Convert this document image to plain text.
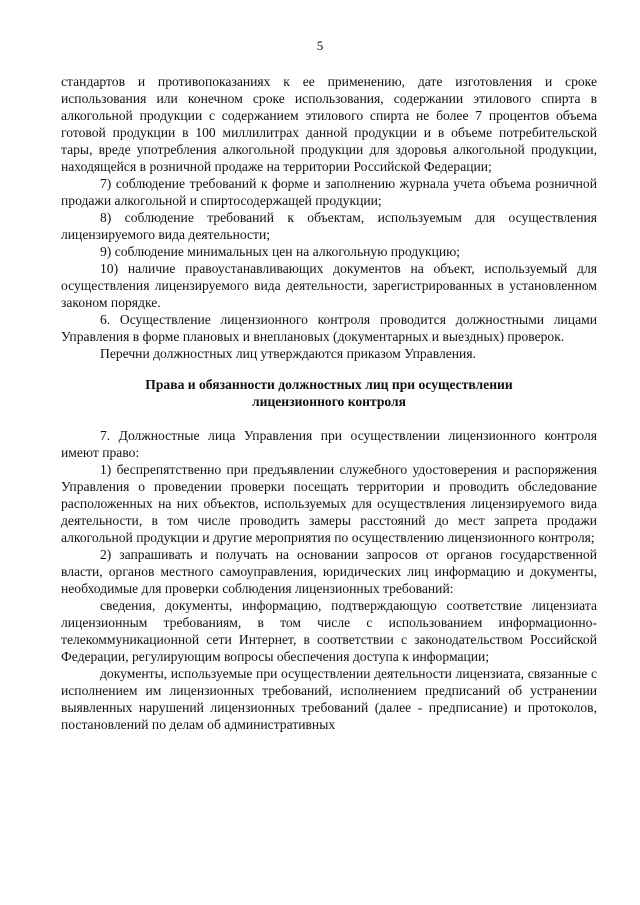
5

стандартов и противопоказаниях к ее применению, дате изготовления и сроке использования или конечном сроке использования, содержании этилового спирта в алкогольной продукции с содержанием этилового спирта не более 7 процентов объема готовой продукции в 100 миллилитрах данной продукции и в объеме потребительской тары, вреде употребления алкогольной продукции для здоровья алкогольной продукции, находящейся в розничной продаже на территории Российской Федерации;

7) соблюдение требований к форме и заполнению журнала учета объема розничной продажи алкогольной и спиртосодержащей продукции;

8) соблюдение требований к объектам, используемым для осуществления лицензируемого вида деятельности;

9) соблюдение минимальных цен на алкогольную продукцию;

10) наличие правоустанавливающих документов на объект, используемый для осуществления лицензируемого вида деятельности, зарегистрированных в установленном законом порядке.

6. Осуществление лицензионного контроля проводится должностными лицами Управления в форме плановых и внеплановых (документарных и выездных) проверок.

Перечни должностных лиц утверждаются приказом Управления.

Права и обязанности должностных лиц при осуществлении
лицензионного контроля

7. Должностные лица Управления при осуществлении лицензионного контроля имеют право:

1) беспрепятственно при предъявлении служебного удостоверения и распоряжения Управления о проведении проверки посещать территории и проводить обследование расположенных на них объектов, используемых для осуществления лицензируемого вида деятельности, в том числе проводить замеры расстояний до мест запрета продажи алкогольной продукции и другие мероприятия по осуществлению лицензионного контроля;

2) запрашивать и получать на основании запросов от органов государственной власти, органов местного самоуправления, юридических лиц информацию и документы, необходимые для проверки соблюдения лицензионных требований:

сведения, документы, информацию, подтверждающую соответствие лицензиата лицензионным требованиям, в том числе с использованием информационно-телекоммуникационной сети Интернет, в соответствии с законодательством Российской Федерации, регулирующим вопросы обеспечения доступа к информации;

документы, используемые при осуществлении деятельности лицензиата, связанные с исполнением им лицензионных требований, исполнением предписаний об устранении выявленных нарушений лицензионных требований (далее - предписание) и протоколов, постановлений по делам об административных
